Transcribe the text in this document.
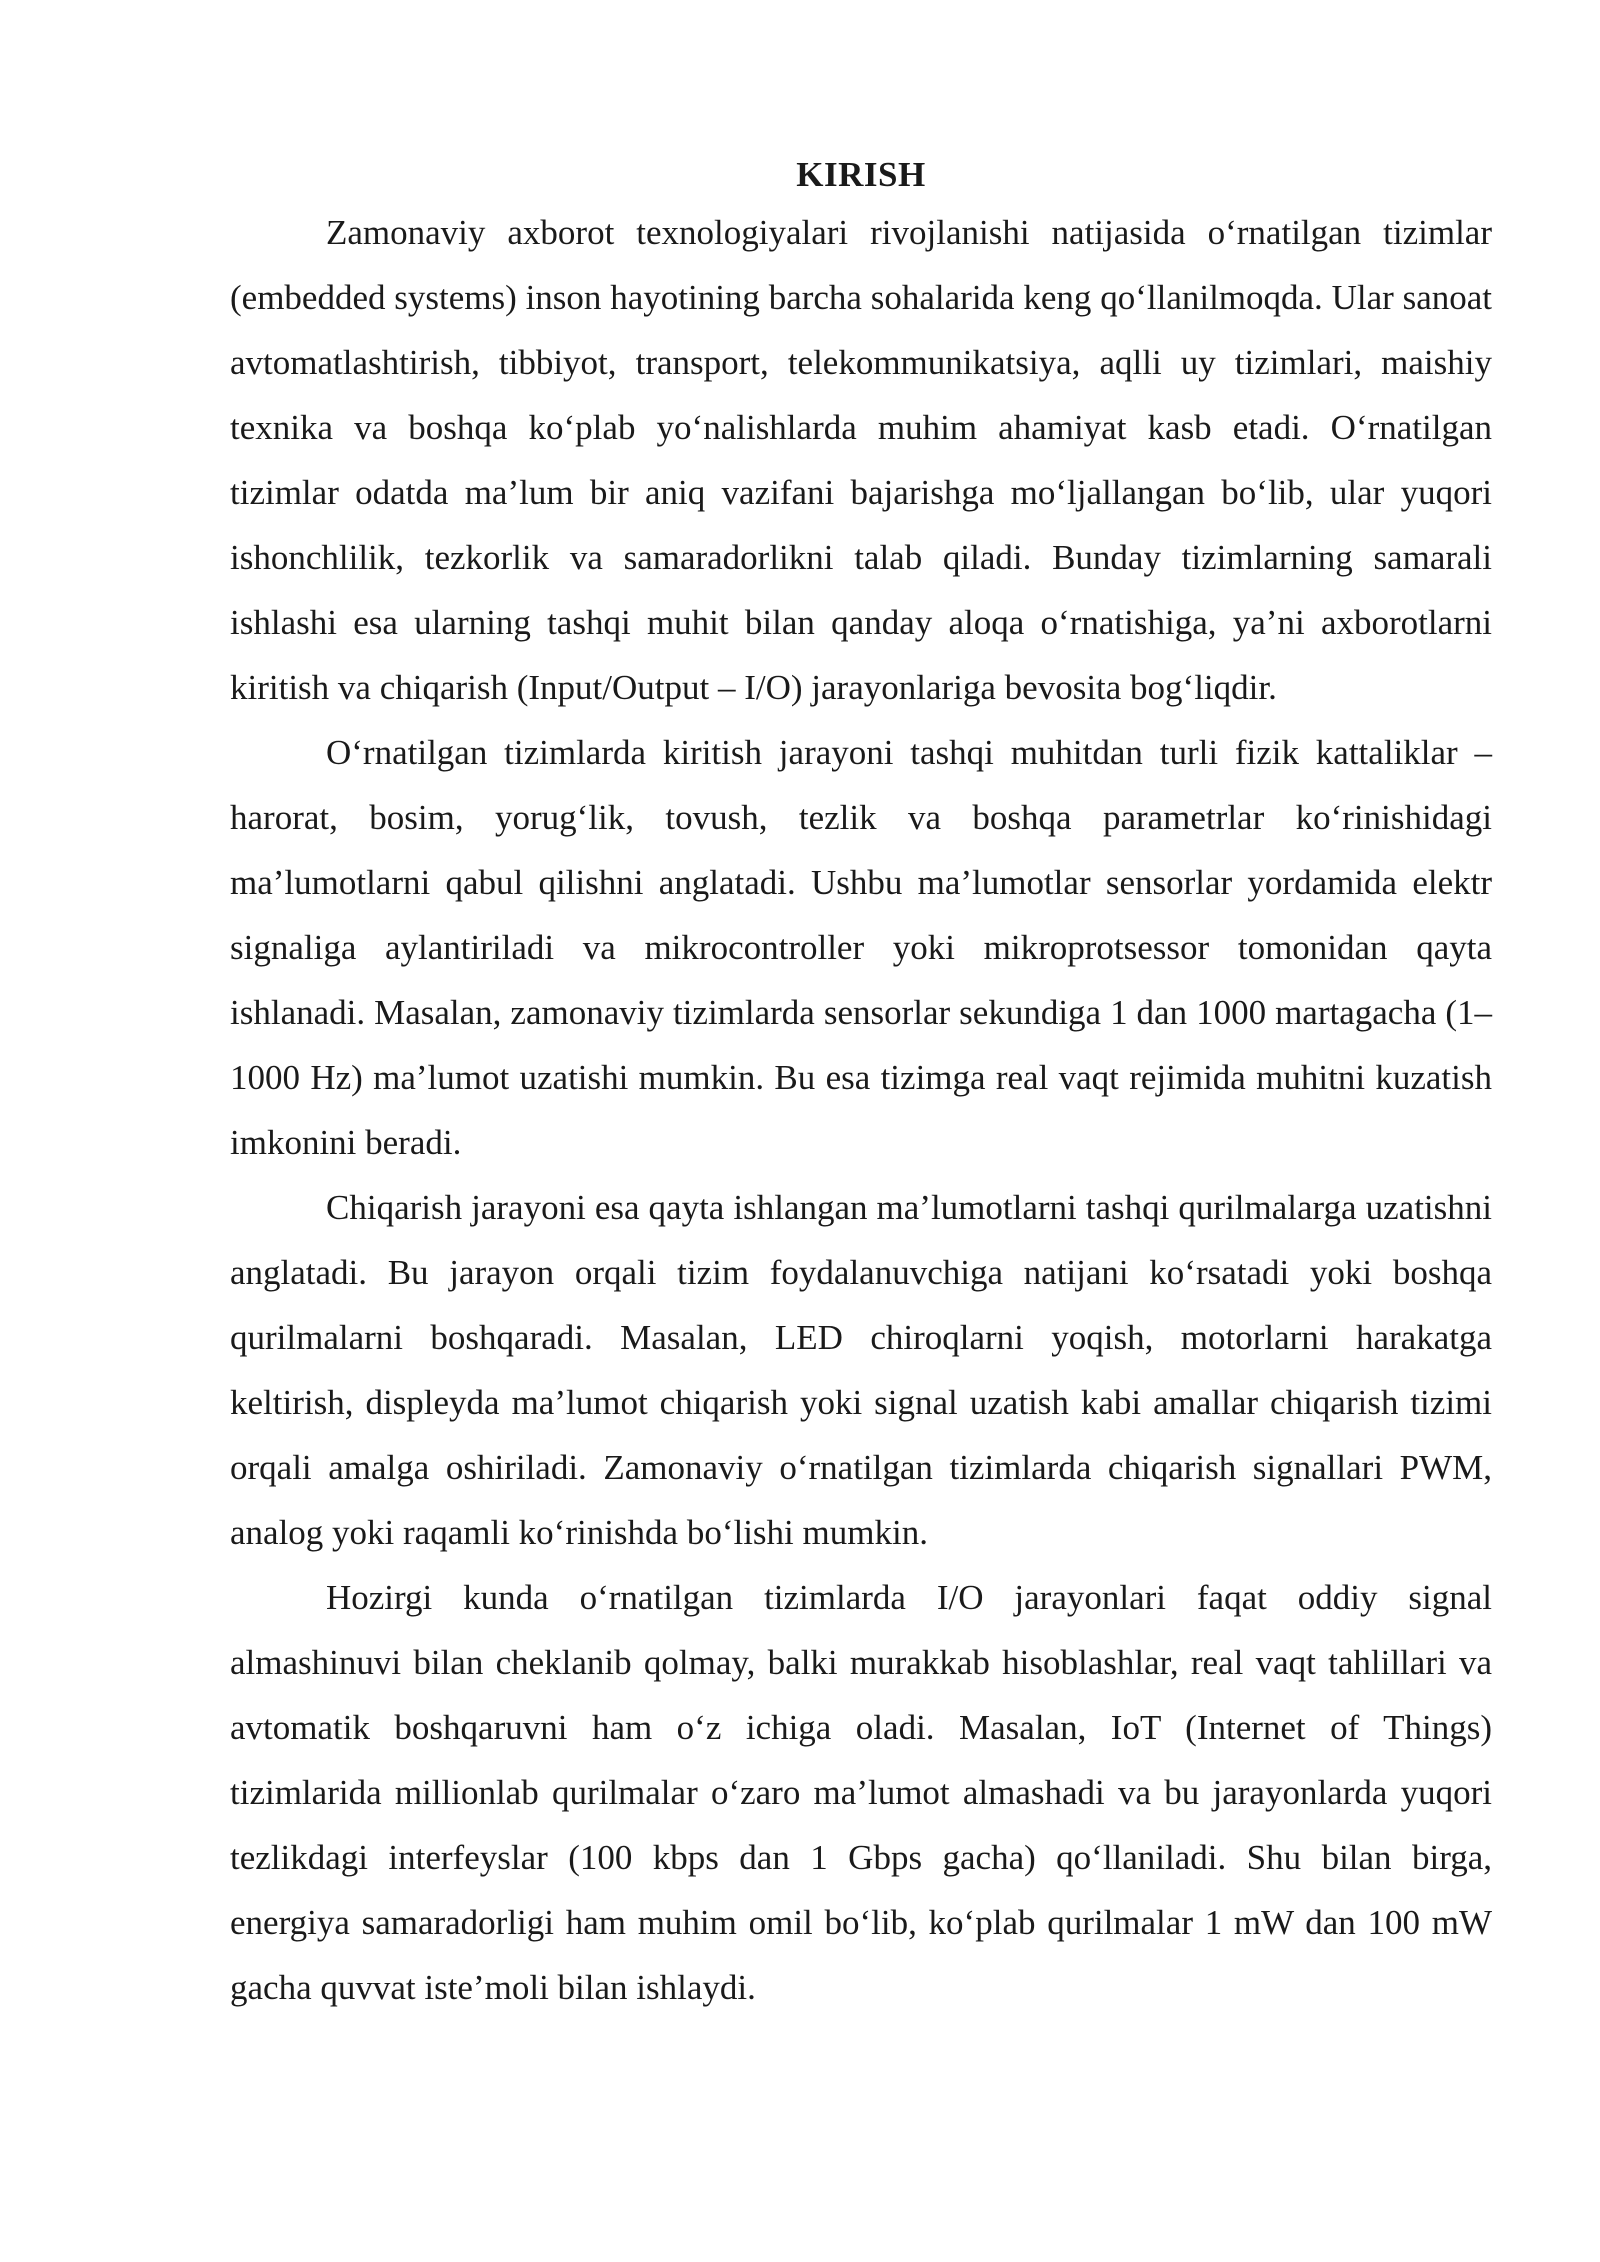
KIRISH

Zamonaviy axborot texnologiyalari rivojlanishi natijasida o‘rnatilgan tizimlar (embedded systems) inson hayotining barcha sohalarida keng qo‘llanilmoqda. Ular sanoat avtomatlashtirish, tibbiyot, transport, telekommunikatsiya, aqlli uy tizimlari, maishiy texnika va boshqa ko‘plab yo‘nalishlarda muhim ahamiyat kasb etadi. O‘rnatilgan tizimlar odatda ma’lum bir aniq vazifani bajarishga mo‘ljallangan bo‘lib, ular yuqori ishonchlilik, tezkorlik va samaradorlikni talab qiladi. Bunday tizimlarning samarali ishlashi esa ularning tashqi muhit bilan qanday aloqa o‘rnatishiga, ya’ni axborotlarni kiritish va chiqarish (Input/Output – I/O) jarayonlariga bevosita bog‘liqdir.

O‘rnatilgan tizimlarda kiritish jarayoni tashqi muhitdan turli fizik kattaliklar – harorat, bosim, yorug‘lik, tovush, tezlik va boshqa parametrlar ko‘rinishidagi ma’lumotlarni qabul qilishni anglatadi. Ushbu ma’lumotlar sensorlar yordamida elektr signaliga aylantiriladi va mikrocontroller yoki mikroprotsessor tomonidan qayta ishlanadi. Masalan, zamonaviy tizimlarda sensorlar sekundiga 1 dan 1000 martagacha (1–1000 Hz) ma’lumot uzatishi mumkin. Bu esa tizimga real vaqt rejimida muhitni kuzatish imkonini beradi.

Chiqarish jarayoni esa qayta ishlangan ma’lumotlarni tashqi qurilmalarga uzatishni anglatadi. Bu jarayon orqali tizim foydalanuvchiga natijani ko‘rsatadi yoki boshqa qurilmalarni boshqaradi. Masalan, LED chiroqlarni yoqish, motorlarni harakatga keltirish, displeyda ma’lumot chiqarish yoki signal uzatish kabi amallar chiqarish tizimi orqali amalga oshiriladi. Zamonaviy o‘rnatilgan tizimlarda chiqarish signallari PWM, analog yoki raqamli ko‘rinishda bo‘lishi mumkin.

Hozirgi kunda o‘rnatilgan tizimlarda I/O jarayonlari faqat oddiy signal almashinuvi bilan cheklanib qolmay, balki murakkab hisoblashlar, real vaqt tahlillari va avtomatik boshqaruvni ham o‘z ichiga oladi. Masalan, IoT (Internet of Things) tizimlarida millionlab qurilmalar o‘zaro ma’lumot almashadi va bu jarayonlarda yuqori tezlikdagi interfeyslar (100 kbps dan 1 Gbps gacha) qo‘llaniladi. Shu bilan birga, energiya samaradorligi ham muhim omil bo‘lib, ko‘plab qurilmalar 1 mW dan 100 mW gacha quvvat iste’moli bilan ishlaydi.
